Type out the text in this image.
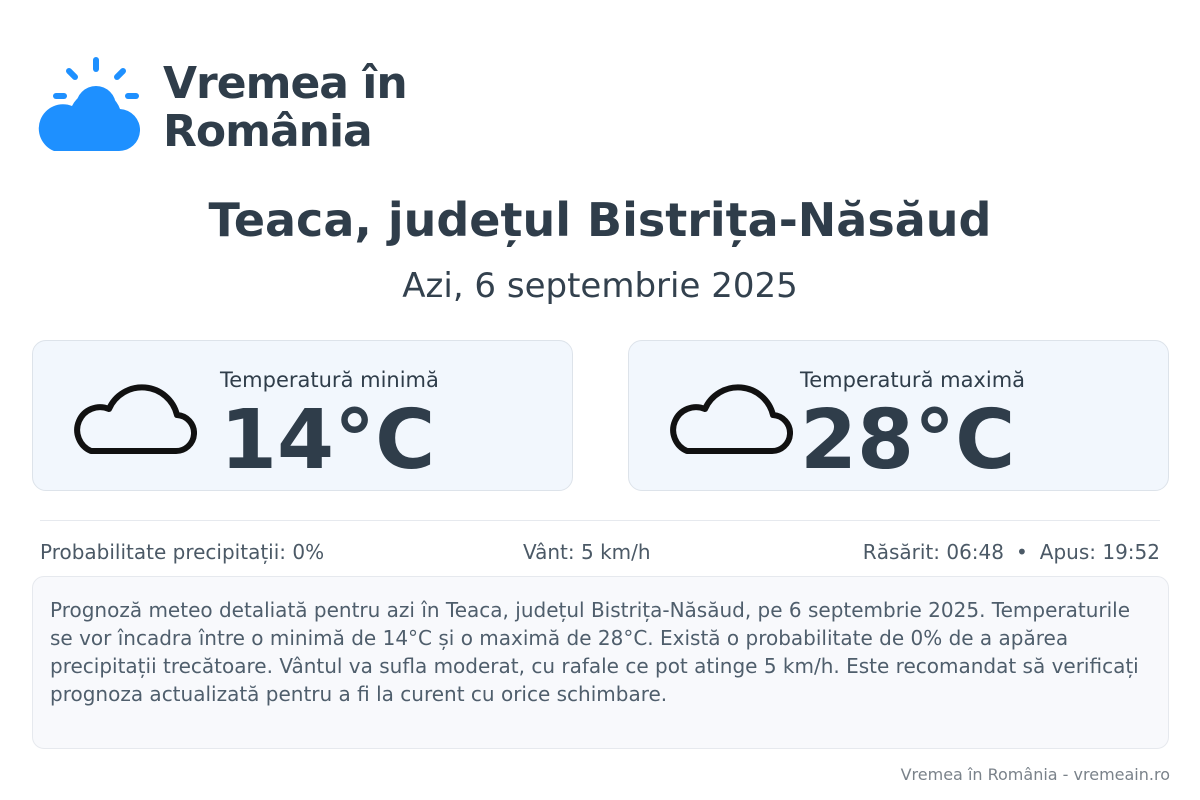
Vremea în
România
Teaca, județul Bistrița-Năsăud
Azi, 6 septembrie 2025
Temperatură minimă
14°C
Temperatură maximă
28°C
Probabilitate precipitații: 0%	Vânt: 5 km/h	Răsărit: 06:48 • Apus: 19:52
Prognoză meteo detaliată pentru azi în Teaca, județul Bistrița-Năsăud, pe 6 septembrie 2025. Temperaturile se vor încadra între o minimă de 14°C și o maximă de 28°C. Există o probabilitate de 0% de a apărea precipitații trecătoare. Vântul va sufla moderat, cu rafale ce pot atinge 5 km/h. Este recomandat să verificați prognoza actualizată pentru a fi la curent cu orice schimbare.
Vremea în România - vremeain.ro
